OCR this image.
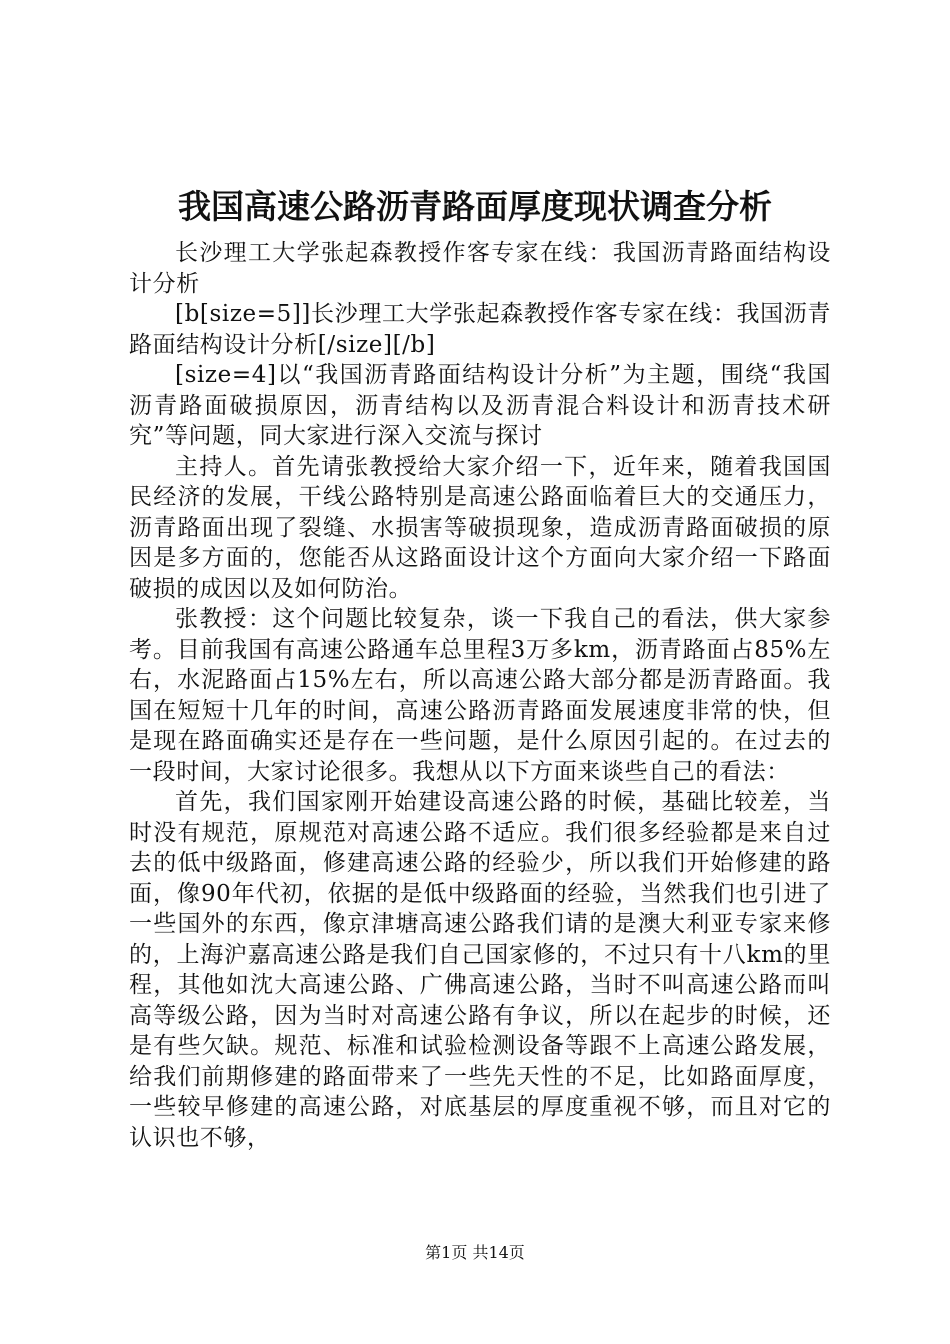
我国高速公路沥青路面厚度现状调查分析

长沙理工大学张起森教授作客专家在线：我国沥青路面结构设计分析

[b[size=5]]长沙理工大学张起森教授作客专家在线：我国沥青路面结构设计分析[/size][/b]

[size=4]以“我国沥青路面结构设计分析”为主题，围绕“我国沥青路面破损原因，沥青结构以及沥青混合料设计和沥青技术研究”等问题，同大家进行深入交流与探讨

主持人。首先请张教授给大家介绍一下，近年来，随着我国国民经济的发展，干线公路特别是高速公路面临着巨大的交通压力，沥青路面出现了裂缝、水损害等破损现象，造成沥青路面破损的原因是多方面的，您能否从这路面设计这个方面向大家介绍一下路面破损的成因以及如何防治。

张教授：这个问题比较复杂，谈一下我自己的看法，供大家参考。目前我国有高速公路通车总里程3万多km，沥青路面占85%左右，水泥路面占15%左右，所以高速公路大部分都是沥青路面。我国在短短十几年的时间，高速公路沥青路面发展速度非常的快，但是现在路面确实还是存在一些问题，是什么原因引起的。在过去的一段时间，大家讨论很多。我想从以下方面来谈些自己的看法：

首先，我们国家刚开始建设高速公路的时候，基础比较差，当时没有规范，原规范对高速公路不适应。我们很多经验都是来自过去的低中级路面，修建高速公路的经验少，所以我们开始修建的路面，像90年代初，依据的是低中级路面的经验，当然我们也引进了一些国外的东西，像京津塘高速公路我们请的是澳大利亚专家来修的，上海沪嘉高速公路是我们自己国家修的，不过只有十八km的里程，其他如沈大高速公路、广佛高速公路，当时不叫高速公路而叫高等级公路，因为当时对高速公路有争议，所以在起步的时候，还是有些欠缺。规范、标准和试验检测设备等跟不上高速公路发展，给我们前期修建的路面带来了一些先天性的不足，比如路面厚度，一些较早修建的高速公路，对底基层的厚度重视不够，而且对它的认识也不够，

第1页 共14页
